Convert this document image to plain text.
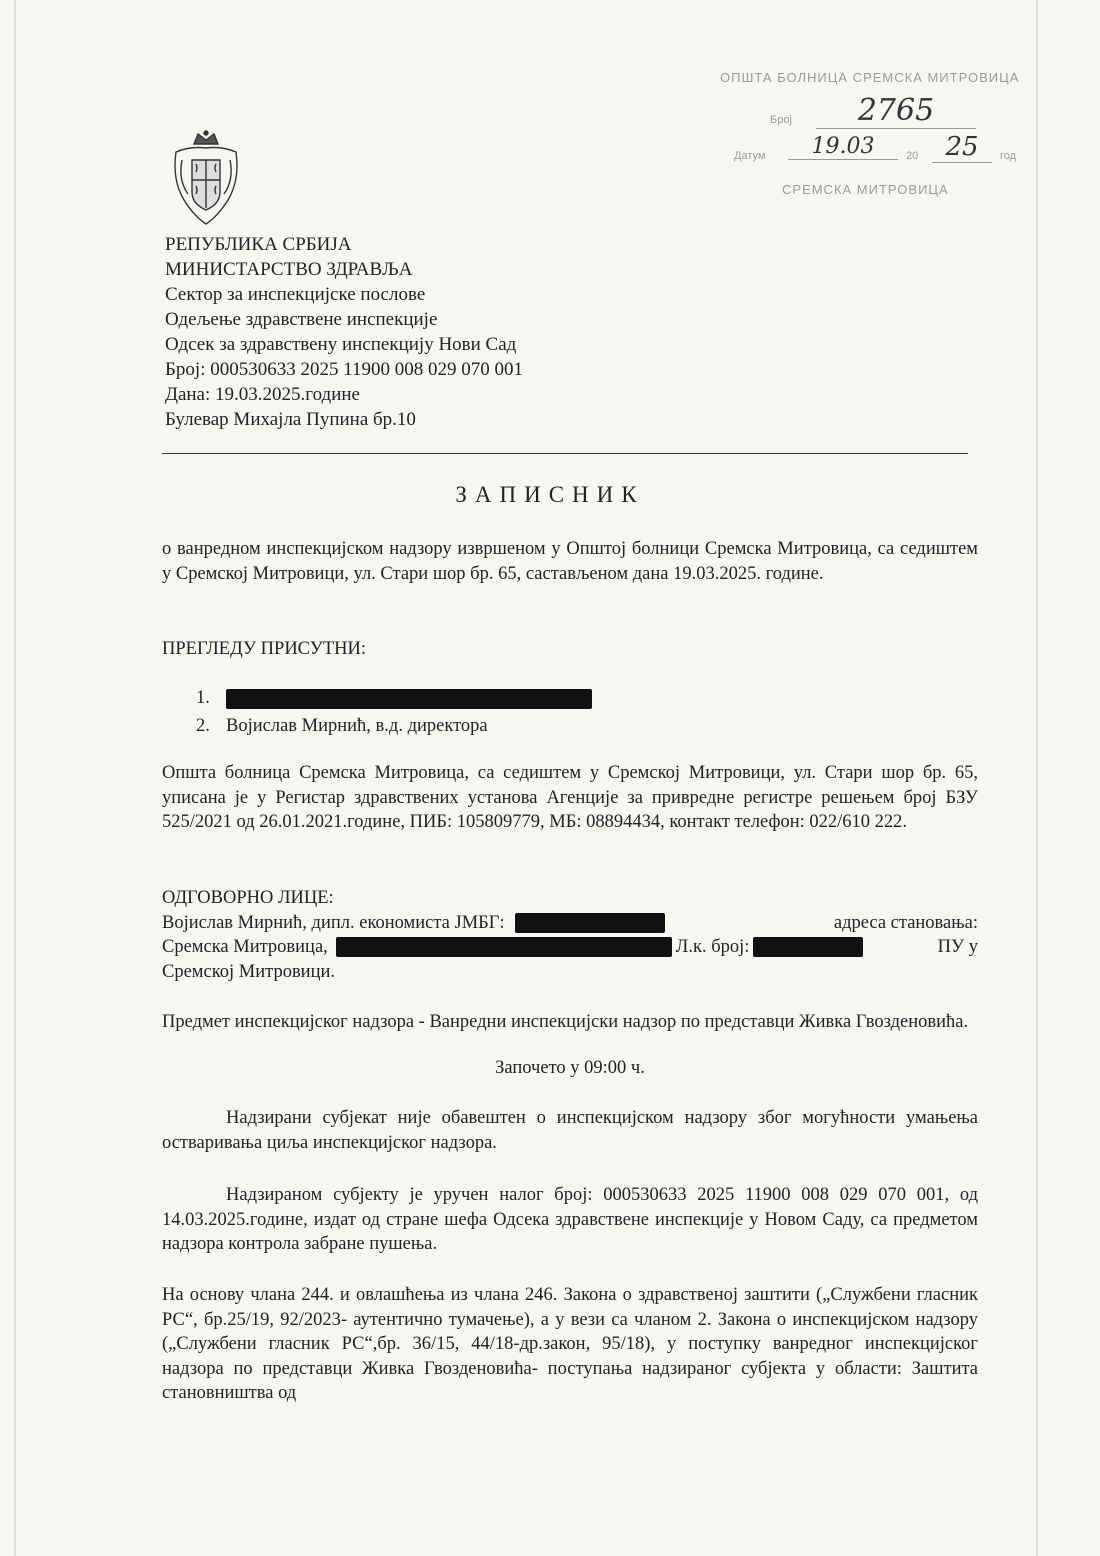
ОПШТА БОЛНИЦА СРЕМСКА МИТРОВИЦА
Број	2765
Датум	19.03	20	25	год
СРЕМСКА МИТРОВИЦА
РЕПУБЛИКА СРБИЈА
МИНИСТАРСТВО ЗДРАВЉА
Сектор за инспекцијске послове
Одељење здравствене инспекције
Одсек за здравствену инспекцију Нови Сад
Број: 000530633 2025 11900 008 029 070 001
Дана: 19.03.2025.године
Булевар Михајла Пупина бр.10
ЗАПИСНИК
о ванредном инспекцијском надзору извршеном у Општој болници Сремска Митровица, са седиштем у Сремској Митровици, ул. Стари шор бр. 65, састављеном дана 19.03.2025. године.
ПРЕГЛЕДУ ПРИСУТНИ:
1.
2. Војислав Мирнић, в.д. директора
Општа болница Сремска Митровица, са седиштем у Сремској Митровици, ул. Стари шор бр. 65, уписана је у Регистар здравствених установа Агенције за привредне регистре решењем број БЗУ 525/2021 од 26.01.2021.године, ПИБ: 105809779, МБ: 08894434, контакт телефон: 022/610 222.
ОДГОВОРНО ЛИЦЕ:
Војислав Мирнић, дипл. економиста ЈМБГ:	адреса становања:
Сремска Митровица,	Л.к. број:	ПУ у
Сремској Митровици.
Предмет инспекцијског надзора - Ванредни инспекцијски надзор по представци Живка Гвозденовића.
Започето у 09:00 ч.

Надзирани субјекат није обавештен о инспекцијском надзору због могућности умањења остваривања циља инспекцијског надзора.

Надзираном субјекту је уручен налог број: 000530633 2025 11900 008 029 070 001, од 14.03.2025.године, издат од стране шефа Одсека здравствене инспекције у Новом Саду, са предметом надзора контрола забране пушења.

На основу члана 244. и овлашћења из члана 246. Закона о здравственој заштити („Службени гласник РС“, бр.25/19, 92/2023- аутентично тумачење), а у вези са чланом 2. Закона о инспекцијском надзору („Службени гласник РС“,бр. 36/15, 44/18-др.закон, 95/18), у поступку ванредног инспекцијског надзора по представци Живка Гвозденовића- поступања надзираног субјекта у области: Заштита становништва од
